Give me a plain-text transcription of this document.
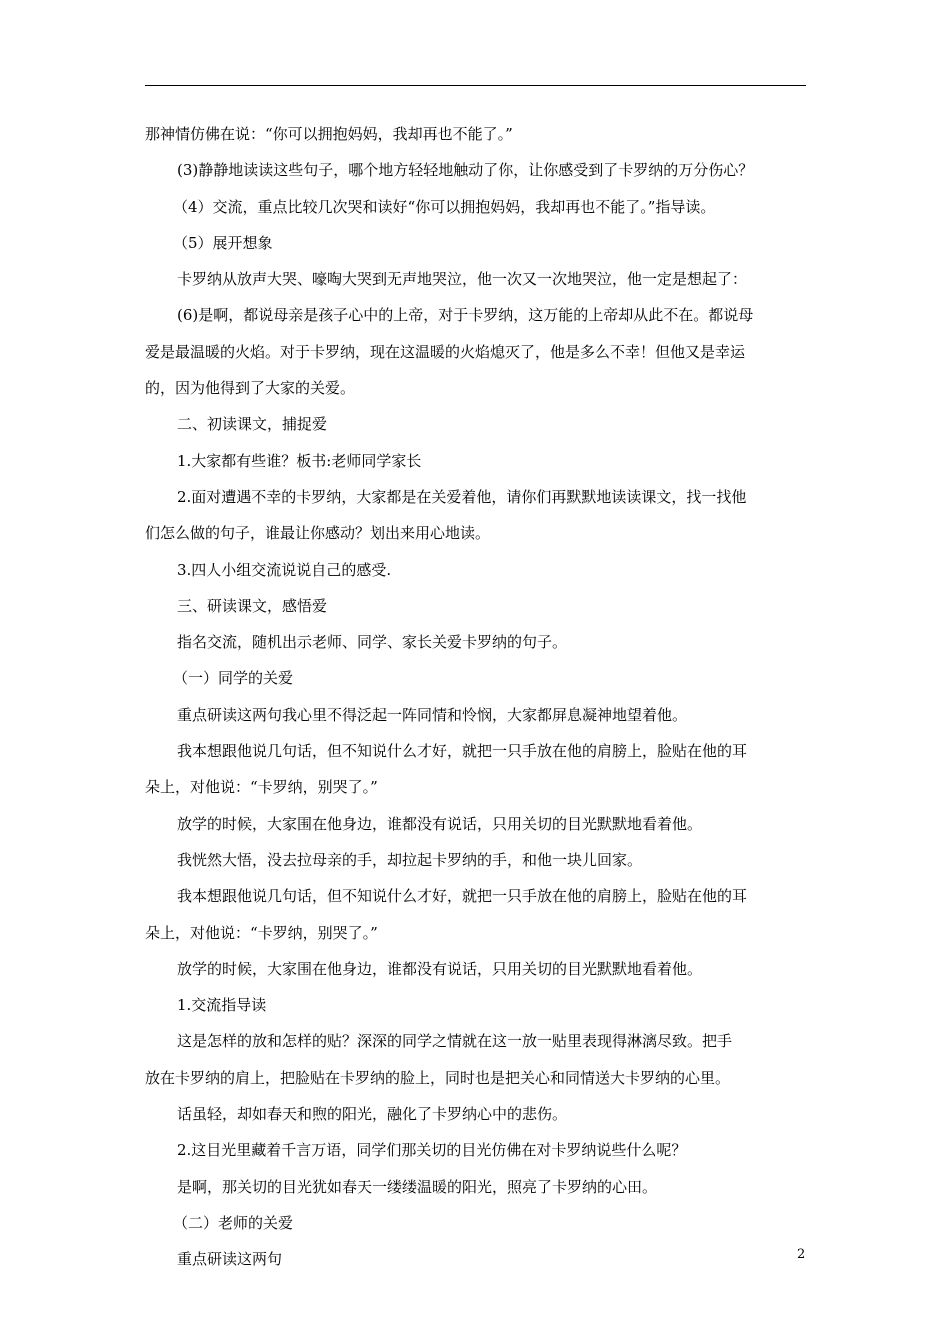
那神情仿佛在说：“你可以拥抱妈妈，我却再也不能了。”
(3)静静地读读这些句子，哪个地方轻轻地触动了你，让你感受到了卡罗纳的万分伤心？
（4）交流，重点比较几次哭和读好“你可以拥抱妈妈，我却再也不能了。”指导读。
（5）展开想象
卡罗纳从放声大哭、嚎啕大哭到无声地哭泣，他一次又一次地哭泣，他一定是想起了：
(6)是啊，都说母亲是孩子心中的上帝，对于卡罗纳，这万能的上帝却从此不在。都说母
爱是最温暖的火焰。对于卡罗纳，现在这温暖的火焰熄灭了，他是多么不幸！但他又是幸运
的，因为他得到了大家的关爱。
二、初读课文，捕捉爱
1.大家都有些谁？板书:老师同学家长
2.面对遭遇不幸的卡罗纳，大家都是在关爱着他，请你们再默默地读读课文，找一找他
们怎么做的句子，谁最让你感动？划出来用心地读。
3.四人小组交流说说自己的感受.
三、研读课文，感悟爱
指名交流，随机出示老师、同学、家长关爱卡罗纳的句子。
（一）同学的关爱
重点研读这两句我心里不得泛起一阵同情和怜悯，大家都屏息凝神地望着他。
我本想跟他说几句话，但不知说什么才好，就把一只手放在他的肩膀上，脸贴在他的耳
朵上，对他说：“卡罗纳，别哭了。”
放学的时候，大家围在他身边，谁都没有说话，只用关切的目光默默地看着他。
我恍然大悟，没去拉母亲的手，却拉起卡罗纳的手，和他一块儿回家。
我本想跟他说几句话，但不知说什么才好，就把一只手放在他的肩膀上，脸贴在他的耳
朵上，对他说：“卡罗纳，别哭了。”
放学的时候，大家围在他身边，谁都没有说话，只用关切的目光默默地看着他。
1.交流指导读
这是怎样的放和怎样的贴？深深的同学之情就在这一放一贴里表现得淋漓尽致。把手
放在卡罗纳的肩上，把脸贴在卡罗纳的脸上，同时也是把关心和同情送大卡罗纳的心里。
话虽轻，却如春天和煦的阳光，融化了卡罗纳心中的悲伤。
2.这目光里藏着千言万语，同学们那关切的目光仿佛在对卡罗纳说些什么呢？
是啊，那关切的目光犹如春天一缕缕温暖的阳光，照亮了卡罗纳的心田。
（二）老师的关爱
重点研读这两句	2
